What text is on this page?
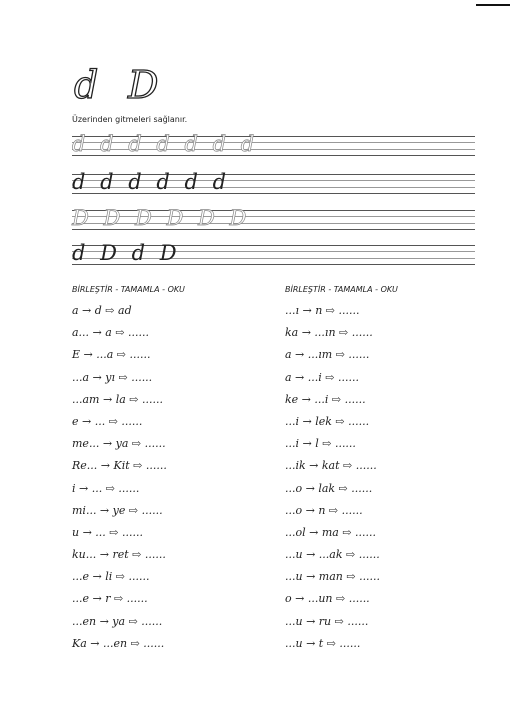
d D
Üzerinden gitmeleri sağlanır.
d d d d d d d
d d d d d d
D D D D D D
d D d D
BİRLEŞTİR - TAMAMLA - OKU	BİRLEŞTİR - TAMAMLA - OKU
a → d ⇨ ad
a... → a ⇨ ......
E → ...a ⇨ ......
...a → yı ⇨ ......
...am → la ⇨ ......
e → ... ⇨ ......
me... → ya ⇨ ......
Re... → Kit ⇨ ......
i → ... ⇨ ......
mi... → ye ⇨ ......
u → ... ⇨ ......
ku... → ret ⇨ ......
...e → li ⇨ ......
...e → r ⇨ ......
...en → ya ⇨ ......
Ka → ...en ⇨ ......
...ı → n ⇨ ......
ka → ...ın ⇨ ......
a → ...ım ⇨ ......
a → ...i ⇨ ......
ke → ...i ⇨ ......
...i → lek ⇨ ......
...i → l ⇨ ......
...ik → kat ⇨ ......
...o → lak ⇨ ......
...o → n ⇨ ......
...ol → ma ⇨ ......
...u → ...ak ⇨ ......
...u → man ⇨ ......
o → ...un ⇨ ......
...u → ru ⇨ ......
...u → t ⇨ ......
